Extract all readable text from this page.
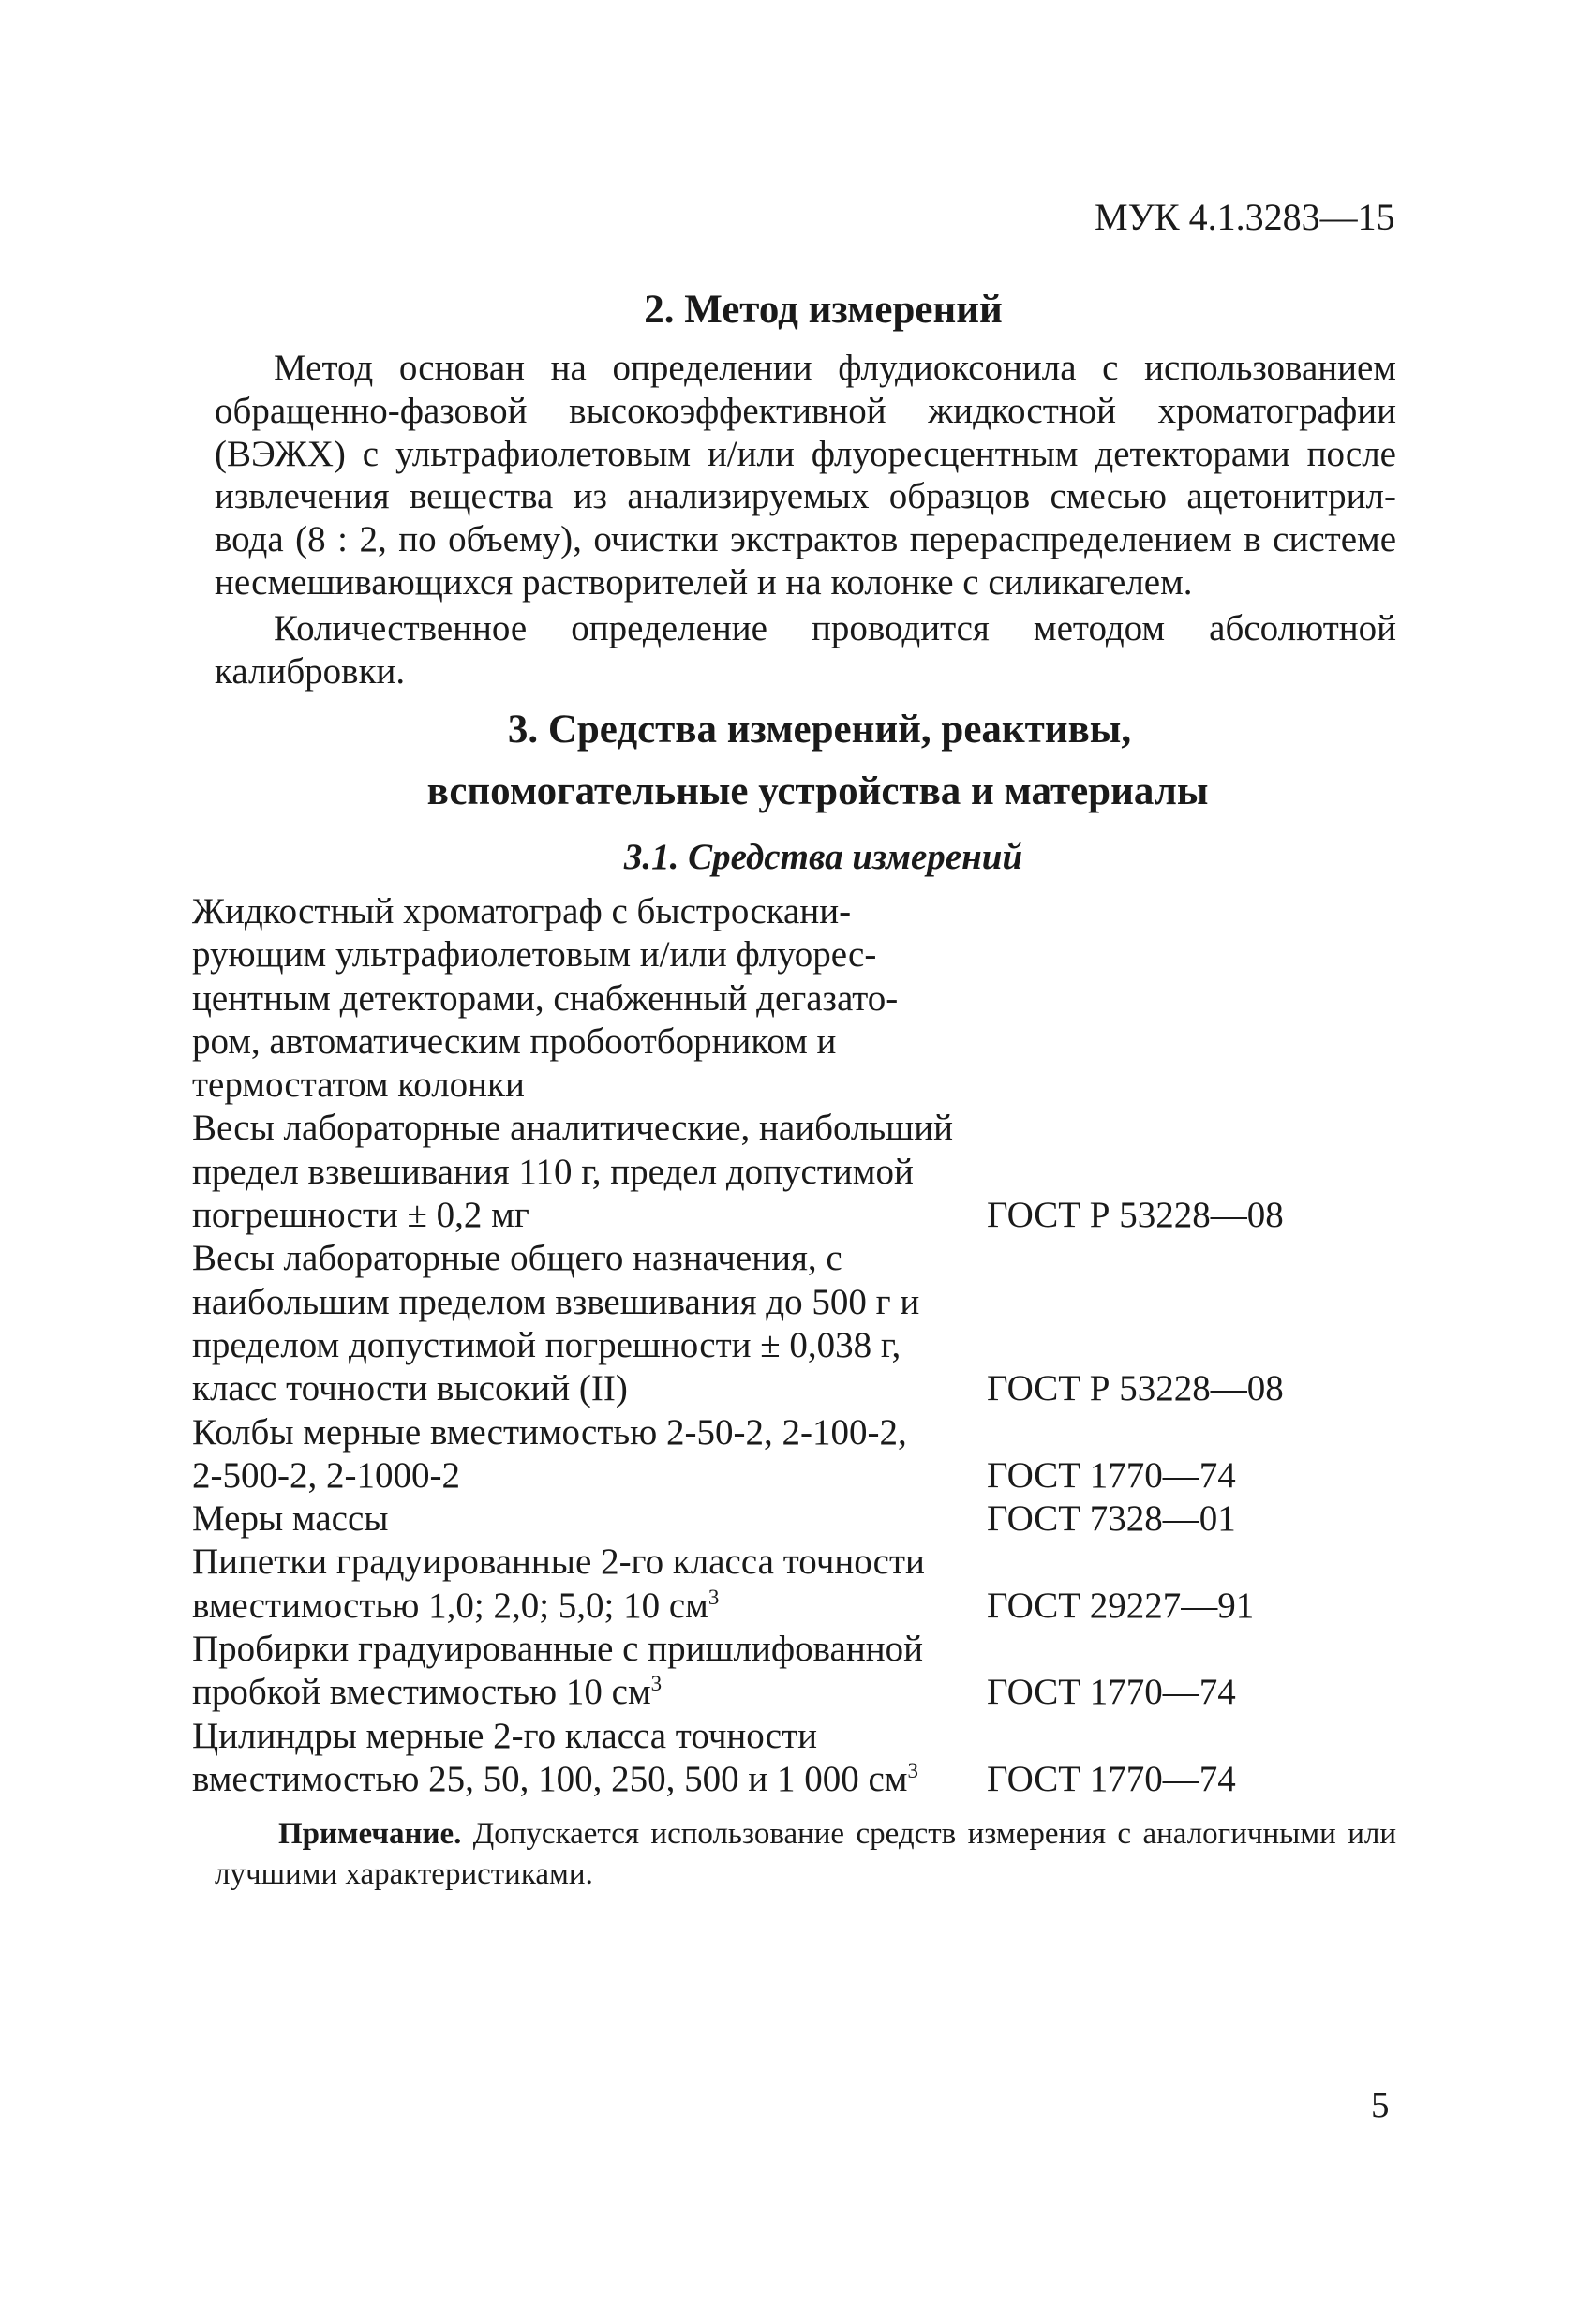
МУК 4.1.3283—15
2. Метод измерений
Метод основан на определении флудиоксонила с использованием обращенно-фазовой высокоэффективной жидкостной хроматографии (ВЭЖХ) с ультрафиолетовым и/или флуоресцентным детекторами после извлечения вещества из анализируемых образцов смесью ацетонитрил-вода (8 : 2, по объему), очистки экстрактов перераспределением в системе несмешивающихся растворителей и на колонке с силикагелем.
Количественное определение проводится методом абсолютной калибровки.
3. Средства измерений, реактивы,
вспомогательные устройства и материалы
3.1. Средства измерений
Жидкостный хроматограф с быстроскани-
рующим ультрафиолетовым и/или флуорес-
центным детекторами, снабженный дегазато-
ром, автоматическим пробоотборником и
термостатом колонки
Весы лабораторные аналитические, наибольший
предел взвешивания 110 г, предел допустимой
погрешности ± 0,2 мг	ГОСТ Р 53228—08
Весы лабораторные общего назначения, с
наибольшим пределом взвешивания до 500 г и
пределом допустимой погрешности ± 0,038 г,
класс точности высокий (II)	ГОСТ Р 53228—08
Колбы мерные вместимостью 2-50-2, 2-100-2,
2-500-2, 2-1000-2	ГОСТ 1770—74
Меры массы	ГОСТ 7328—01
Пипетки градуированные 2-го класса точности
вместимостью 1,0; 2,0; 5,0; 10 $см^3$	ГОСТ 29227—91
Пробирки градуированные с пришлифованной
пробкой вместимостью 10 $см^3$	ГОСТ 1770—74
Цилиндры мерные 2-го класса точности
вместимостью 25, 50, 100, 250, 500 и 1 000 $см^3$	ГОСТ 1770—74
Примечание. Допускается использование средств измерения с аналогичными или лучшими характеристиками.
5
